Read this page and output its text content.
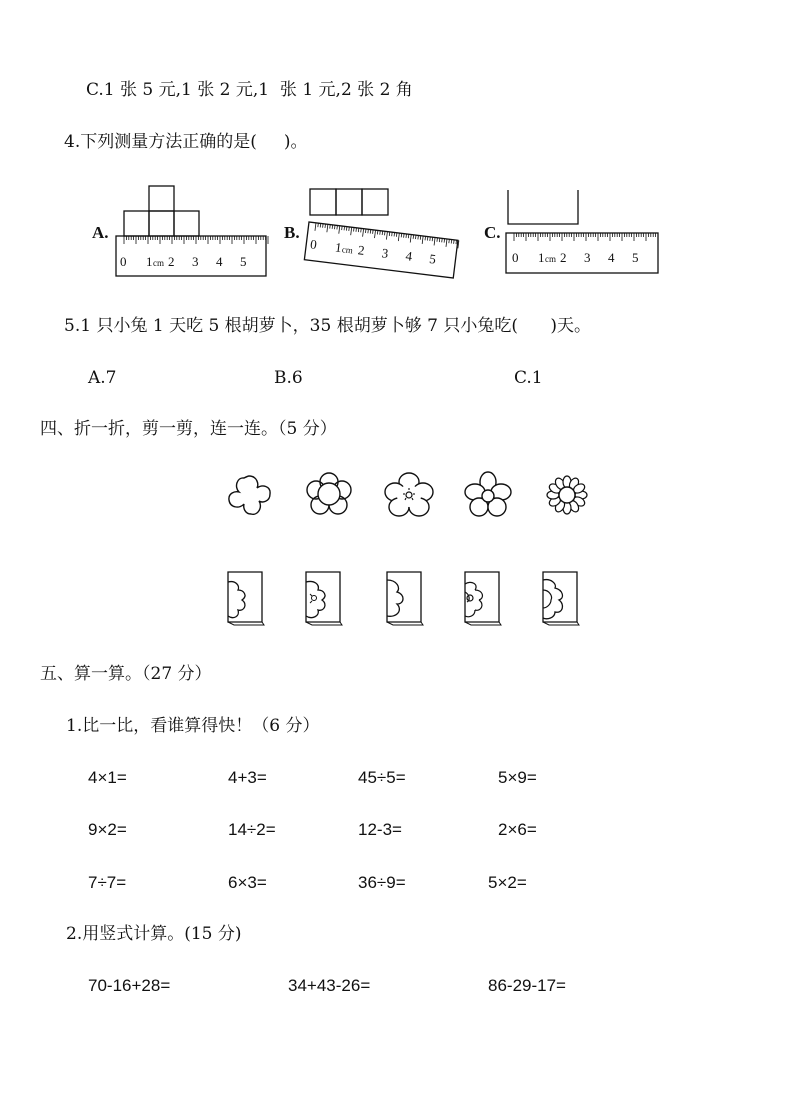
C.1 张 5 元,1 张 2 元,1  张 1 元,2 张 2 角
4.下列测量方法正确的是(     )。
A.	B.	C.
0 1 cm 2 3 4 5
0 1
cm 2 3 4 5	0 1 cm 2 3 4 5
5.1 只小兔 1 天吃 5 根胡萝卜，35 根胡萝卜够 7 只小兔吃(      )天。
A.7	B.6	C.1
四、折一折，剪一剪，连一连。（5 分）
五、算一算。（27 分）
1.比一比，看谁算得快！（6 分）
4×1=	4+3=	45÷5=	5×9=
9×2=	14÷2=	12-3=	2×6=
7÷7=	6×3=	36÷9=	5×2=
2.用竖式计算。(15 分)
70-16+28=	34+43-26=	86-29-17=
